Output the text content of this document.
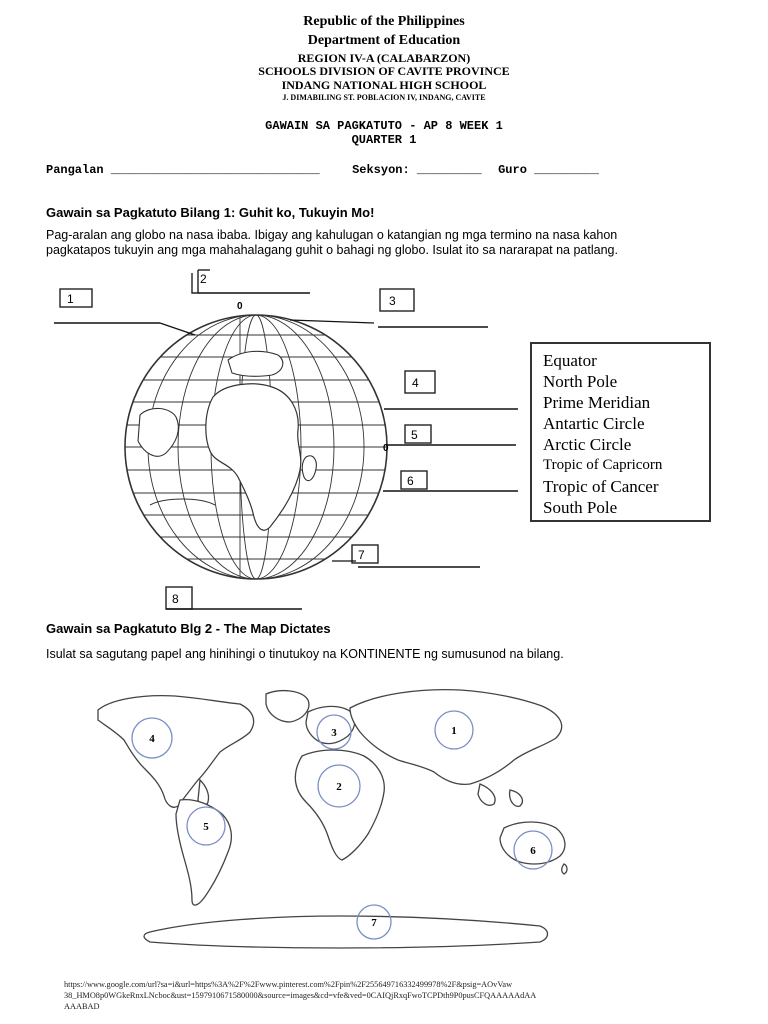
Republic of the Philippines
Department of Education
REGION IV-A (CALABARZON)
SCHOOLS DIVISION OF CAVITE PROVINCE
INDANG NATIONAL HIGH SCHOOL
J. DIMABILING ST. POBLACION IV, INDANG, CAVITE
GAWAIN SA PAGKATUTO - AP 8 WEEK 1
QUARTER 1
Pangalan _____________________________	Seksyon: _________ Guro _________
Gawain sa Pagkatuto Bilang 1: Guhit ko, Tukuyin Mo!
Pag-aralan ang globo na nasa ibaba. Ibigay ang kahulugan o katangian ng mga termino na nasa kahon
pagkatapos tukuyin ang mga mahahalagang guhit o bahagi ng globo. Isulat ito sa nararapat na patlang.
1
2
3
4
5
6
7
8
0
0
Equator
North Pole
Prime Meridian
Antartic Circle
Arctic Circle
Tropic of Capricorn
Tropic of Cancer
South Pole
Gawain sa Pagkatuto Blg 2 - The Map Dictates
Isulat sa sagutang papel ang hinihingi o tinutukoy na KONTINENTE ng sumusunod na bilang.
1
2
3
4
5
6
7
https://www.google.com/url?sa=i&url=https%3A%2F%2Fwww.pinterest.com%2Fpin%2F255649716332499978%2F&psig=AOvVaw
38_HMO8p0WGkeRnxLNcboc&ust=1597910671580000&source=images&cd=vfe&ved=0CAIQjRxqFwoTCPDth9P0pusCFQAAAAAdAA
AAABAD
